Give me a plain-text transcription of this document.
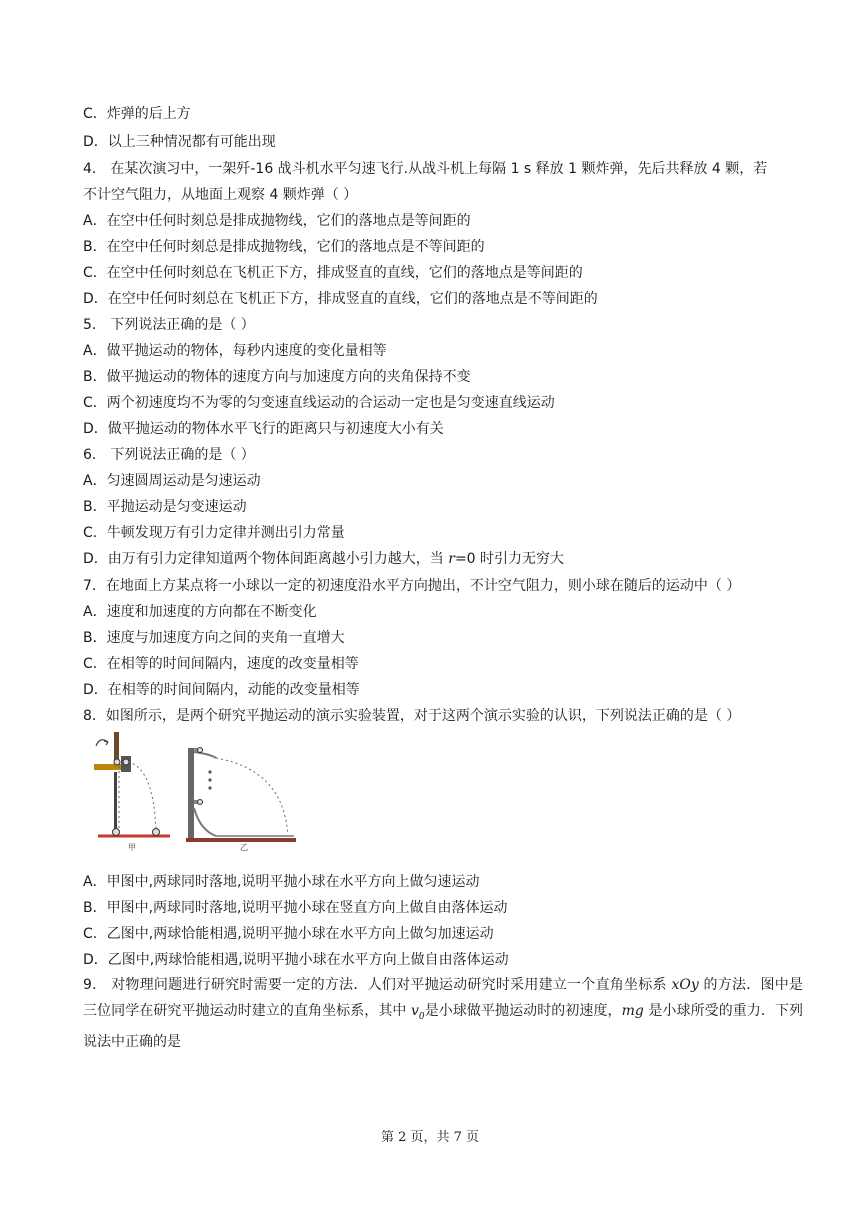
C．炸弹的后上方
D．以上三种情况都有可能出现
4． 在某次演习中，一架歼-16 战斗机水平匀速飞行.从战斗机上每隔 1 s 释放 1 颗炸弹，先后共释放 4 颗，若
不计空气阻力，从地面上观察 4 颗炸弹（ ）
A．在空中任何时刻总是排成抛物线，它们的落地点是等间距的
B．在空中任何时刻总是排成抛物线，它们的落地点是不等间距的
C．在空中任何时刻总在飞机正下方，排成竖直的直线，它们的落地点是等间距的
D．在空中任何时刻总在飞机正下方，排成竖直的直线，它们的落地点是不等间距的
5． 下列说法正确的是（ ）
A．做平抛运动的物体，每秒内速度的变化量相等
B．做平抛运动的物体的速度方向与加速度方向的夹角保持不变
C．两个初速度均不为零的匀变速直线运动的合运动一定也是匀变速直线运动
D．做平抛运动的物体水平飞行的距离只与初速度大小有关
6． 下列说法正确的是（ ）
A．匀速圆周运动是匀速运动
B．平抛运动是匀变速运动
C．牛顿发现万有引力定律并测出引力常量
D．由万有引力定律知道两个物体间距离越小引力越大，当 r=0 时引力无穷大
7．在地面上方某点将一小球以一定的初速度沿水平方向抛出，不计空气阻力，则小球在随后的运动中（ ）
A．速度和加速度的方向都在不断变化
B．速度与加速度方向之间的夹角一直增大
C．在相等的时间间隔内，速度的改变量相等
D．在相等的时间间隔内，动能的改变量相等
8．如图所示，是两个研究平抛运动的演示实验装置，对于这两个演示实验的认识，下列说法正确的是（ ）
甲	乙
A．甲图中,两球同时落地,说明平抛小球在水平方向上做匀速运动
B．甲图中,两球同时落地,说明平抛小球在竖直方向上做自由落体运动
C．乙图中,两球恰能相遇,说明平抛小球在水平方向上做匀加速运动
D．乙图中,两球恰能相遇,说明平抛小球在水平方向上做自由落体运动
9． 对物理问题进行研究时需要一定的方法．人们对平抛运动研究时采用建立一个直角坐标系 xOy 的方法．图中是三位同学在研究平抛运动时建立的直角坐标系，其中 $v_0$是小球做平抛运动时的初速度，mg 是小球所受的重力．下列说法中正确的是
第 2 页，共 7 页
